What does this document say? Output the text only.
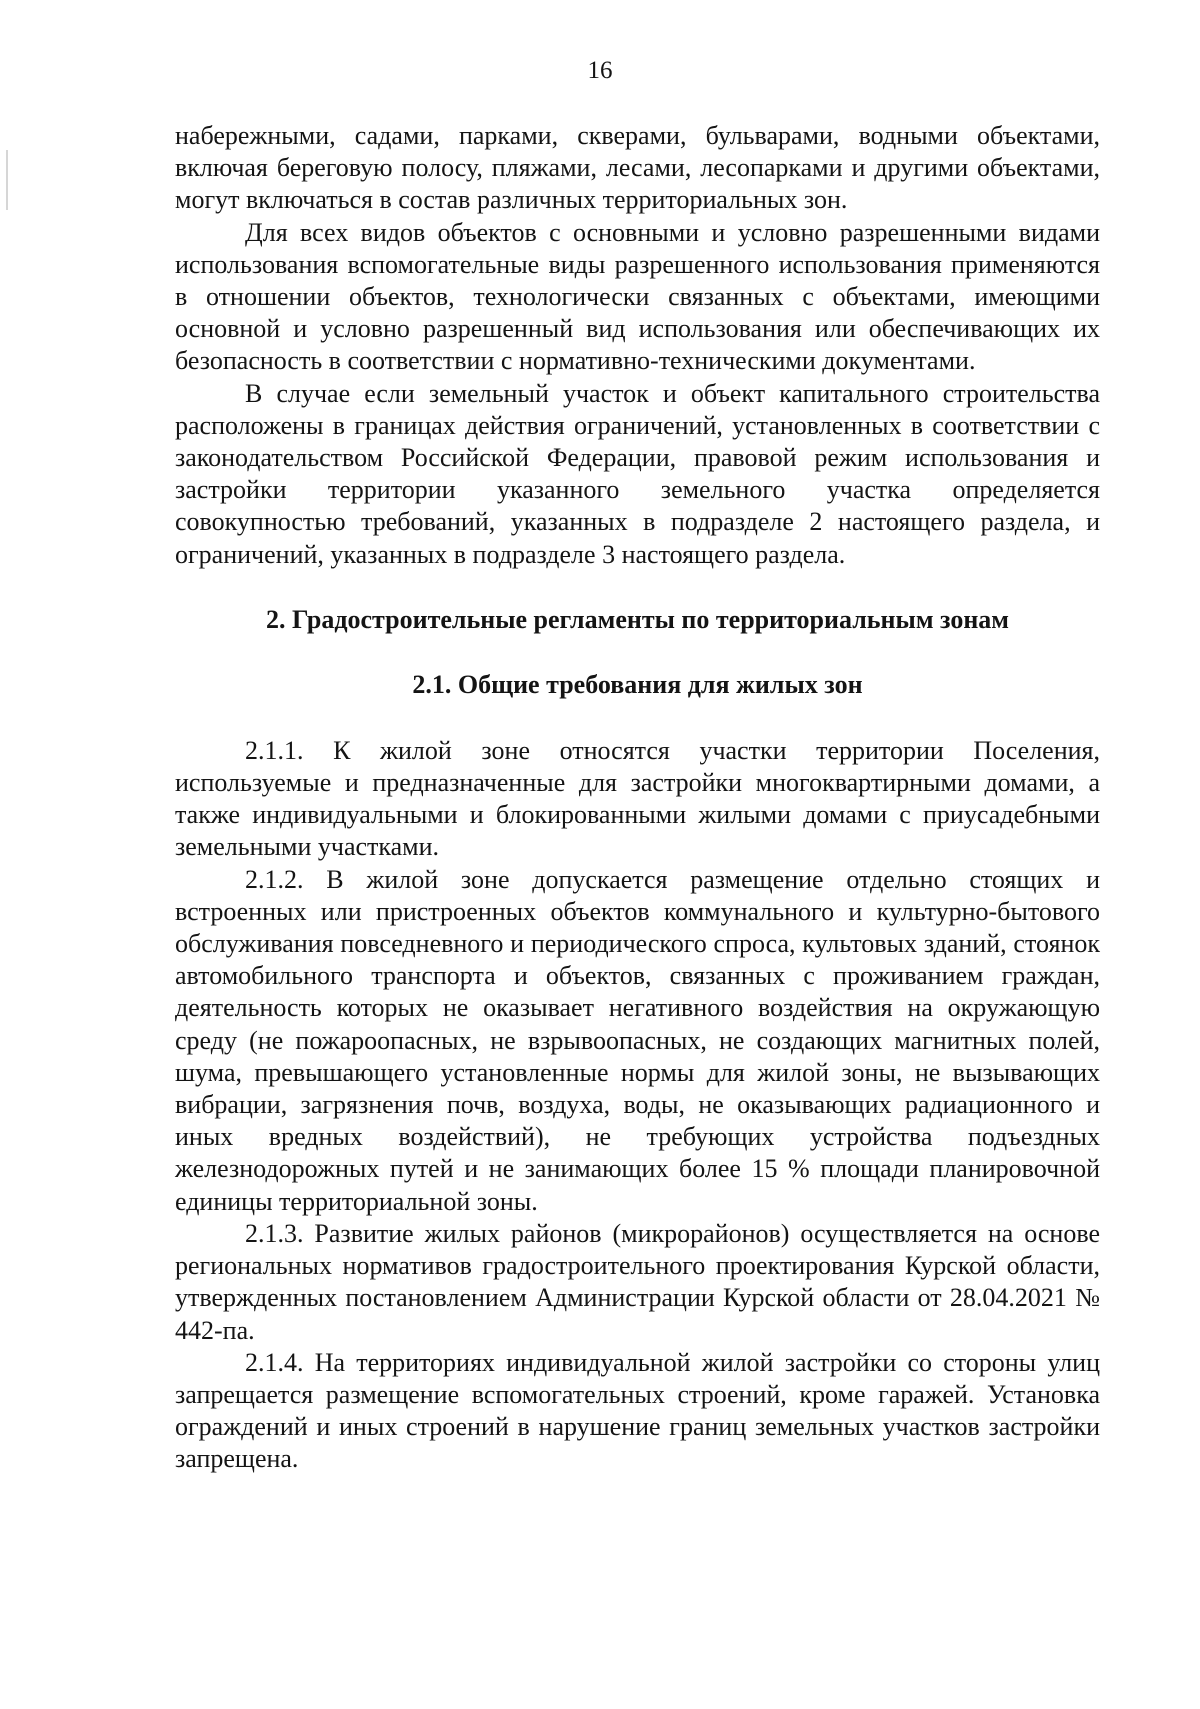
16

набережными, садами, парками, скверами, бульварами, водными объектами, включая береговую полосу, пляжами, лесами, лесопарками и другими объектами, могут включаться в состав различных территориальных зон.

Для всех видов объектов с основными и условно разрешенными видами использования вспомогательные виды разрешенного использования применяются в отношении объектов, технологически связанных с объектами, имеющими основной и условно разрешенный вид использования или обеспечивающих их безопасность в соответствии с нормативно-техническими документами.

В случае если земельный участок и объект капитального строительства расположены в границах действия ограничений, установленных в соответствии с законодательством Российской Федерации, правовой режим использования и застройки территории указанного земельного участка определяется совокупностью требований, указанных в подразделе 2 настоящего раздела, и ограничений, указанных в подразделе 3 настоящего раздела.

2. Градостроительные регламенты по территориальным зонам
2.1. Общие требования для жилых зон

2.1.1. К жилой зоне относятся участки территории Поселения, используемые и предназначенные для застройки многоквартирными домами, а также индивидуальными и блокированными жилыми домами с приусадебными земельными участками.

2.1.2. В жилой зоне допускается размещение отдельно стоящих и встроенных или пристроенных объектов коммунального и культурно-бытового обслуживания повседневного и периодического спроса, культовых зданий, стоянок автомобильного транспорта и объектов, связанных с проживанием граждан, деятельность которых не оказывает негативного воздействия на окружающую среду (не пожароопасных, не взрывоопасных, не создающих магнитных полей, шума, превышающего установленные нормы для жилой зоны, не вызывающих вибрации, загрязнения почв, воздуха, воды, не оказывающих радиационного и иных вредных воздействий), не требующих устройства подъездных железнодорожных путей и не занимающих более 15 % площади планировочной единицы территориальной зоны.

2.1.3. Развитие жилых районов (микрорайонов) осуществляется на основе региональных нормативов градостроительного проектирования Курской области, утвержденных постановлением Администрации Курской области от 28.04.2021 № 442-па.

2.1.4. На территориях индивидуальной жилой застройки со стороны улиц запрещается размещение вспомогательных строений, кроме гаражей. Установка ограждений и иных строений в нарушение границ земельных участков застройки запрещена.
